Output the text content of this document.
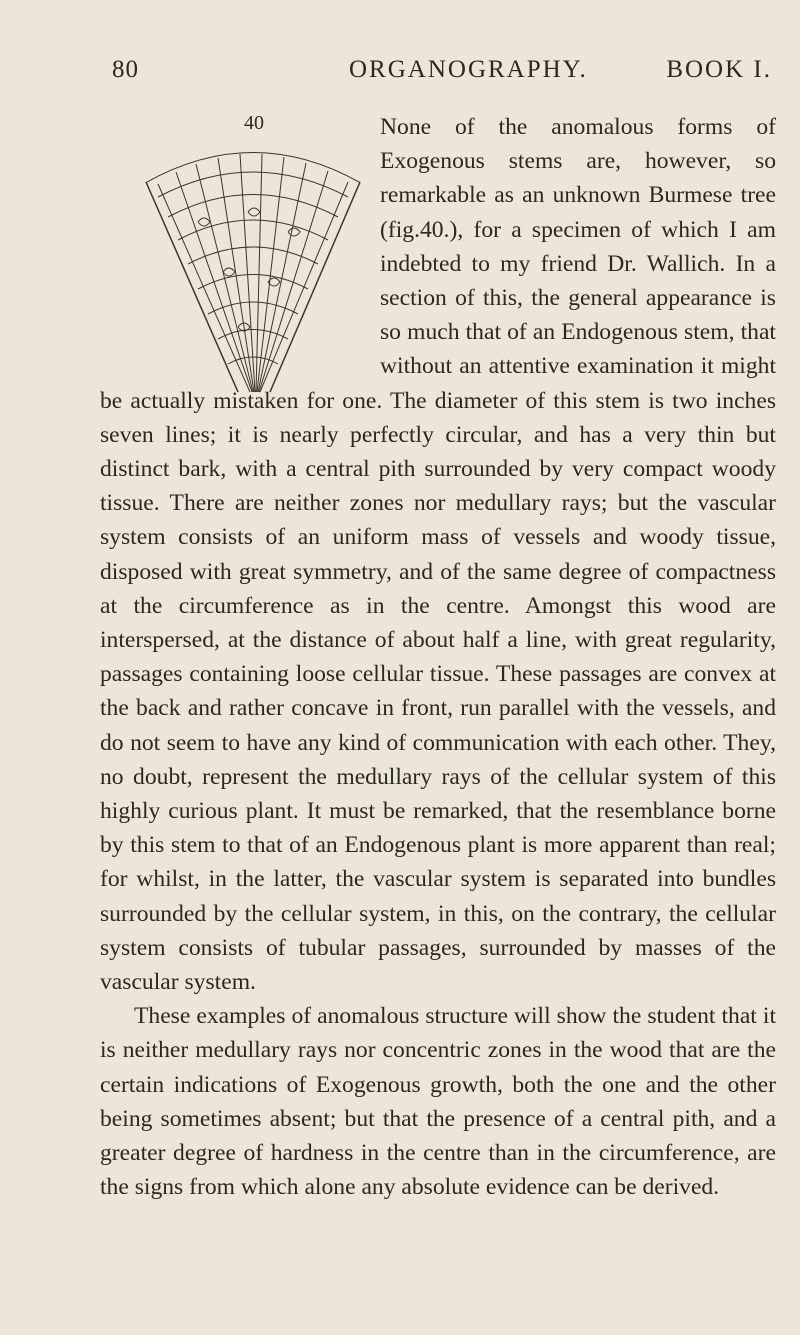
80	ORGANOGRAPHY.	BOOK I.
40	None of the anomalous forms of Exogenous stems are, however, so remarkable as an unknown Burmese tree (fig.40.), for a specimen of which I am indebted to my friend Dr. Wallich. In a section of this, the general appearance is so much that of an Endogenous stem, that without an attentive examination it might be actually mistaken for one. The diameter of this stem is two inches seven lines; it is nearly perfectly circular, and has a very thin but distinct bark, with a central pith surrounded by very compact woody tissue. There are neither zones nor medullary rays; but the vascular system consists of an uniform mass of vessels and woody tissue, disposed with great symmetry, and of the same degree of compactness at the circumference as in the centre. Amongst this wood are interspersed, at the distance of about half a line, with great regularity, passages containing loose cellular tissue. These passages are convex at the back and rather concave in front, run parallel with the vessels, and do not seem to have any kind of communication with each other. They, no doubt, represent the medullary rays of the cellular system of this highly curious plant. It must be remarked, that the resemblance borne by this stem to that of an Endogenous plant is more apparent than real; for whilst, in the latter, the vascular system is separated into bundles surrounded by the cellular system, in this, on the contrary, the cellular system consists of tubular passages, surrounded by masses of the vascular system.

These examples of anomalous structure will show the student that it is neither medullary rays nor concentric zones in the wood that are the certain indications of Exogenous growth, both the one and the other being sometimes absent; but that the presence of a central pith, and a greater degree of hardness in the centre than in the circumference, are the signs from which alone any absolute evidence can be derived.
